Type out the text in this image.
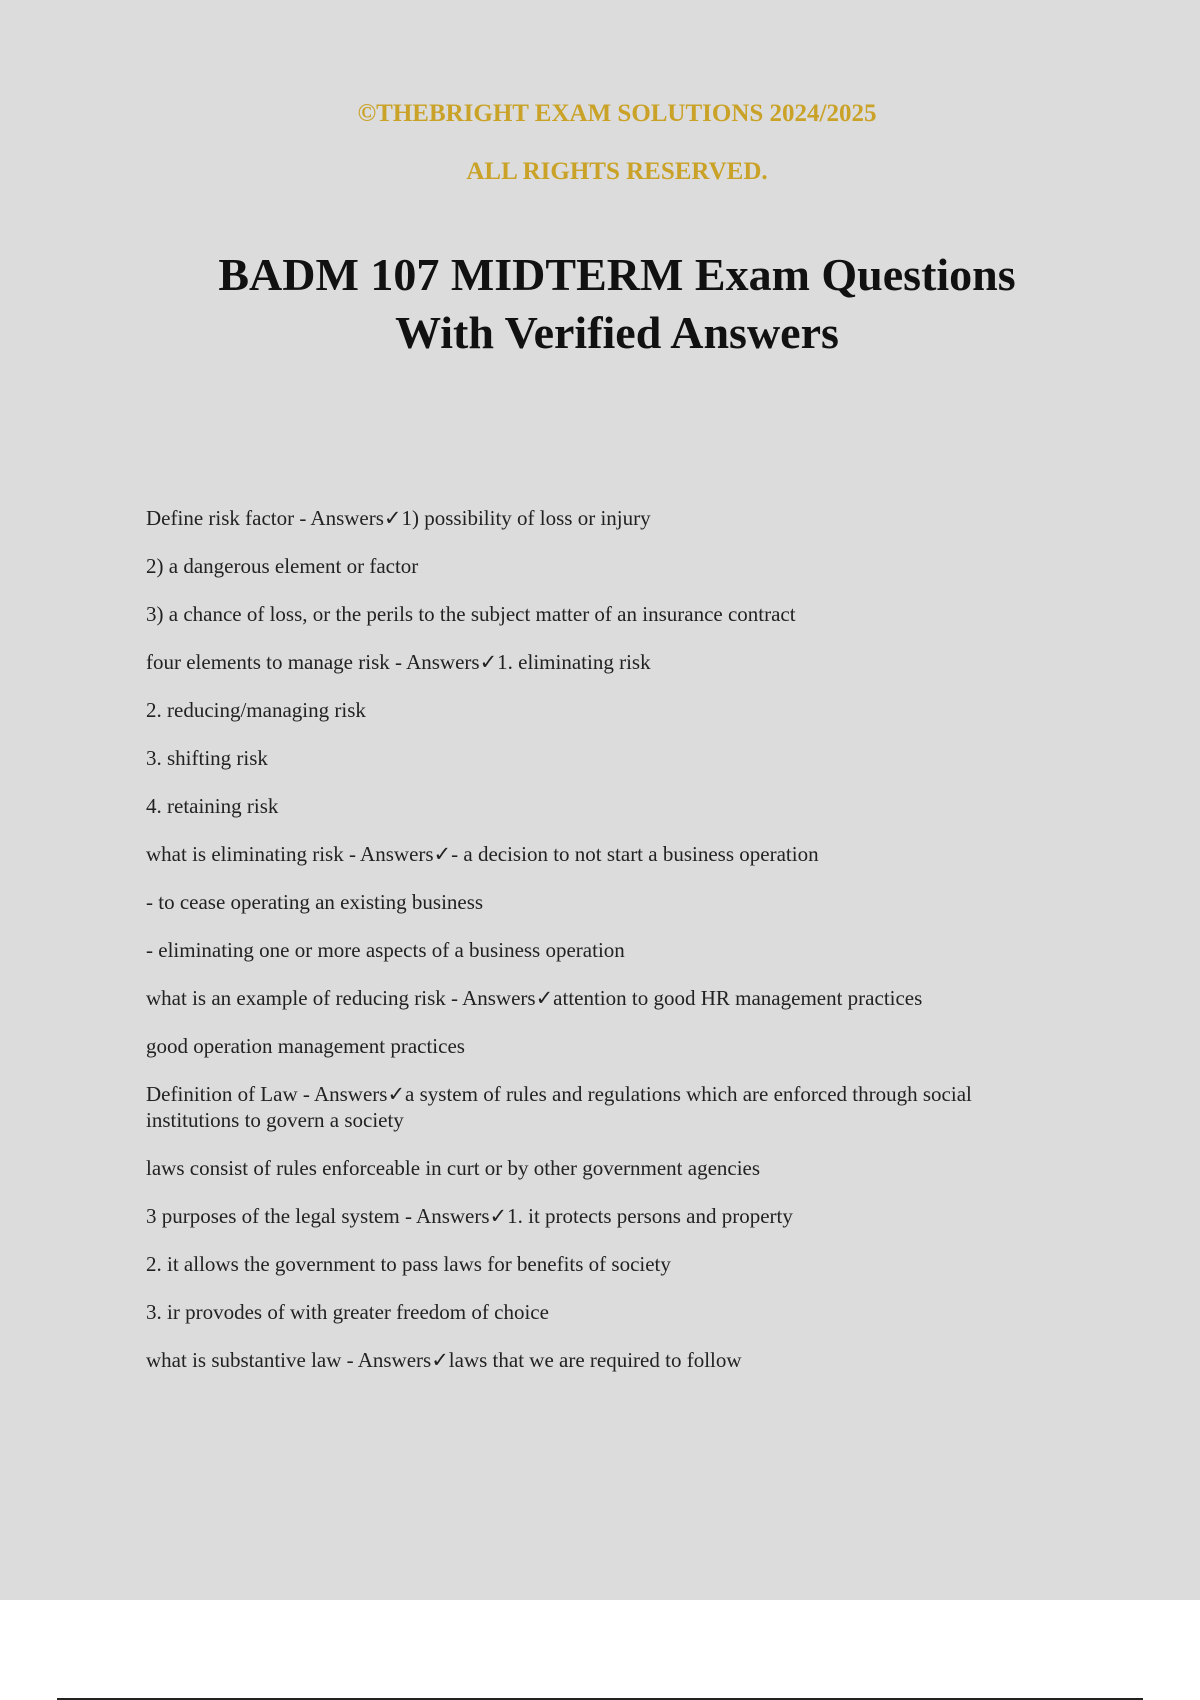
©THEBRIGHT EXAM SOLUTIONS 2024/2025
ALL RIGHTS RESERVED.
BADM 107 MIDTERM Exam Questions
With Verified Answers

Define risk factor - Answers✓1) possibility of loss or injury

2) a dangerous element or factor

3) a chance of loss, or the perils to the subject matter of an insurance contract

four elements to manage risk - Answers✓1. eliminating risk

2. reducing/managing risk

3. shifting risk

4. retaining risk

what is eliminating risk - Answers✓- a decision to not start a business operation

- to cease operating an existing business

- eliminating one or more aspects of a business operation

what is an example of reducing risk - Answers✓attention to good HR management practices

good operation management practices

Definition of Law - Answers✓a system of rules and regulations which are enforced through social institutions to govern a society

laws consist of rules enforceable in curt or by other government agencies

3 purposes of the legal system - Answers✓1. it protects persons and property

2. it allows the government to pass laws for benefits of society

3. ir provodes of with greater freedom of choice

what is substantive law - Answers✓laws that we are required to follow
